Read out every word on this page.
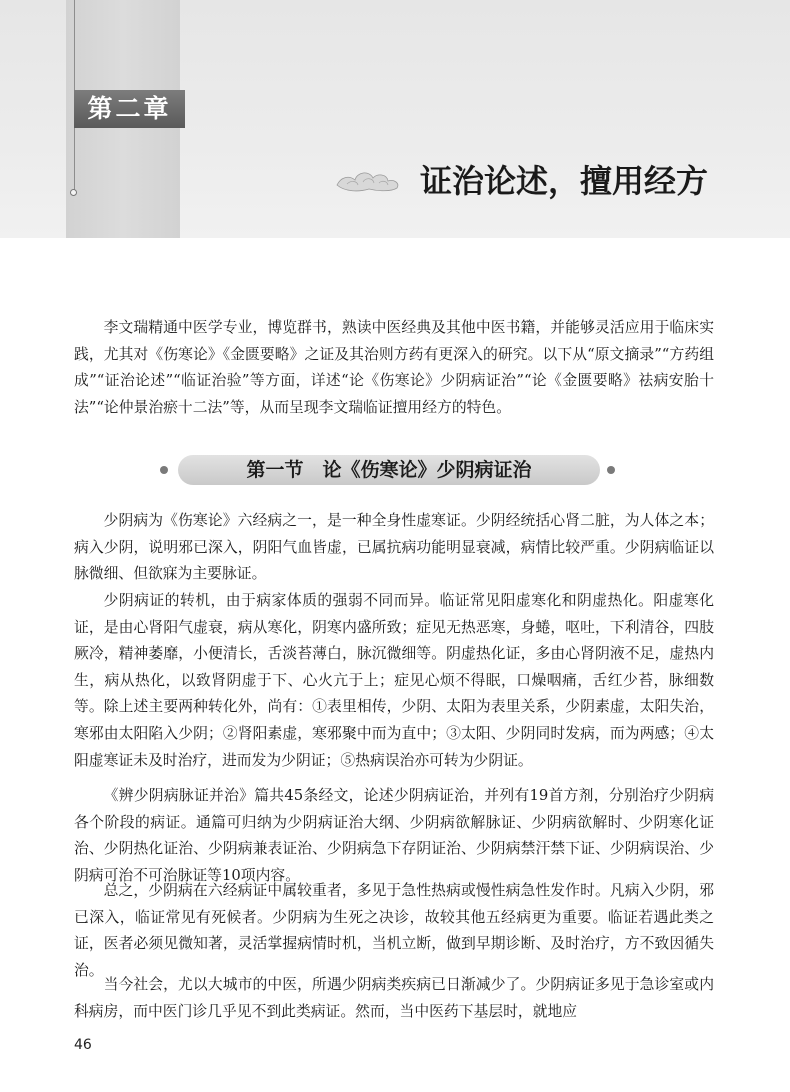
第二章
证治论述，擅用经方

李文瑞精通中医学专业，博览群书，熟读中医经典及其他中医书籍，并能够灵活应用于临床实践，尤其对《伤寒论》《金匮要略》之证及其治则方药有更深入的研究。以下从“原文摘录”“方药组成”“证治论述”“临证治验”等方面，详述“论《伤寒论》少阴病证治”“论《金匮要略》祛病安胎十法”“论仲景治瘀十二法”等，从而呈现李文瑞临证擅用经方的特色。

第一节　论《伤寒论》少阴病证治

少阴病为《伤寒论》六经病之一，是一种全身性虚寒证。少阴经统括心肾二脏，为人体之本；病入少阴，说明邪已深入，阴阳气血皆虚，已属抗病功能明显衰减，病情比较严重。少阴病临证以脉微细、但欲寐为主要脉证。

少阴病证的转机，由于病家体质的强弱不同而异。临证常见阳虚寒化和阴虚热化。阳虚寒化证，是由心肾阳气虚衰，病从寒化，阴寒内盛所致；症见无热恶寒，身蜷，呕吐，下利清谷，四肢厥冷，精神萎靡，小便清长，舌淡苔薄白，脉沉微细等。阴虚热化证，多由心肾阴液不足，虚热内生，病从热化，以致肾阴虚于下、心火亢于上；症见心烦不得眠，口燥咽痛，舌红少苔，脉细数等。除上述主要两种转化外，尚有：①表里相传，少阴、太阳为表里关系，少阴素虚，太阳失治，寒邪由太阳陷入少阴；②肾阳素虚，寒邪聚中而为直中；③太阳、少阴同时发病，而为两感；④太阳虚寒证未及时治疗，进而发为少阴证；⑤热病误治亦可转为少阴证。

《辨少阴病脉证并治》篇共45条经文，论述少阴病证治，并列有19首方剂，分别治疗少阴病各个阶段的病证。通篇可归纳为少阴病证治大纲、少阴病欲解脉证、少阴病欲解时、少阴寒化证治、少阴热化证治、少阴病兼表证治、少阴病急下存阴证治、少阴病禁汗禁下证、少阴病误治、少阴病可治不可治脉证等10项内容。

总之，少阴病在六经病证中属较重者，多见于急性热病或慢性病急性发作时。凡病入少阴，邪已深入，临证常见有死候者。少阴病为生死之决诊，故较其他五经病更为重要。临证若遇此类之证，医者必须见微知著，灵活掌握病情时机，当机立断，做到早期诊断、及时治疗，方不致因循失治。

当今社会，尤以大城市的中医，所遇少阴病类疾病已日渐减少了。少阴病证多见于急诊室或内科病房，而中医门诊几乎见不到此类病证。然而，当中医药下基层时，就地应

46
